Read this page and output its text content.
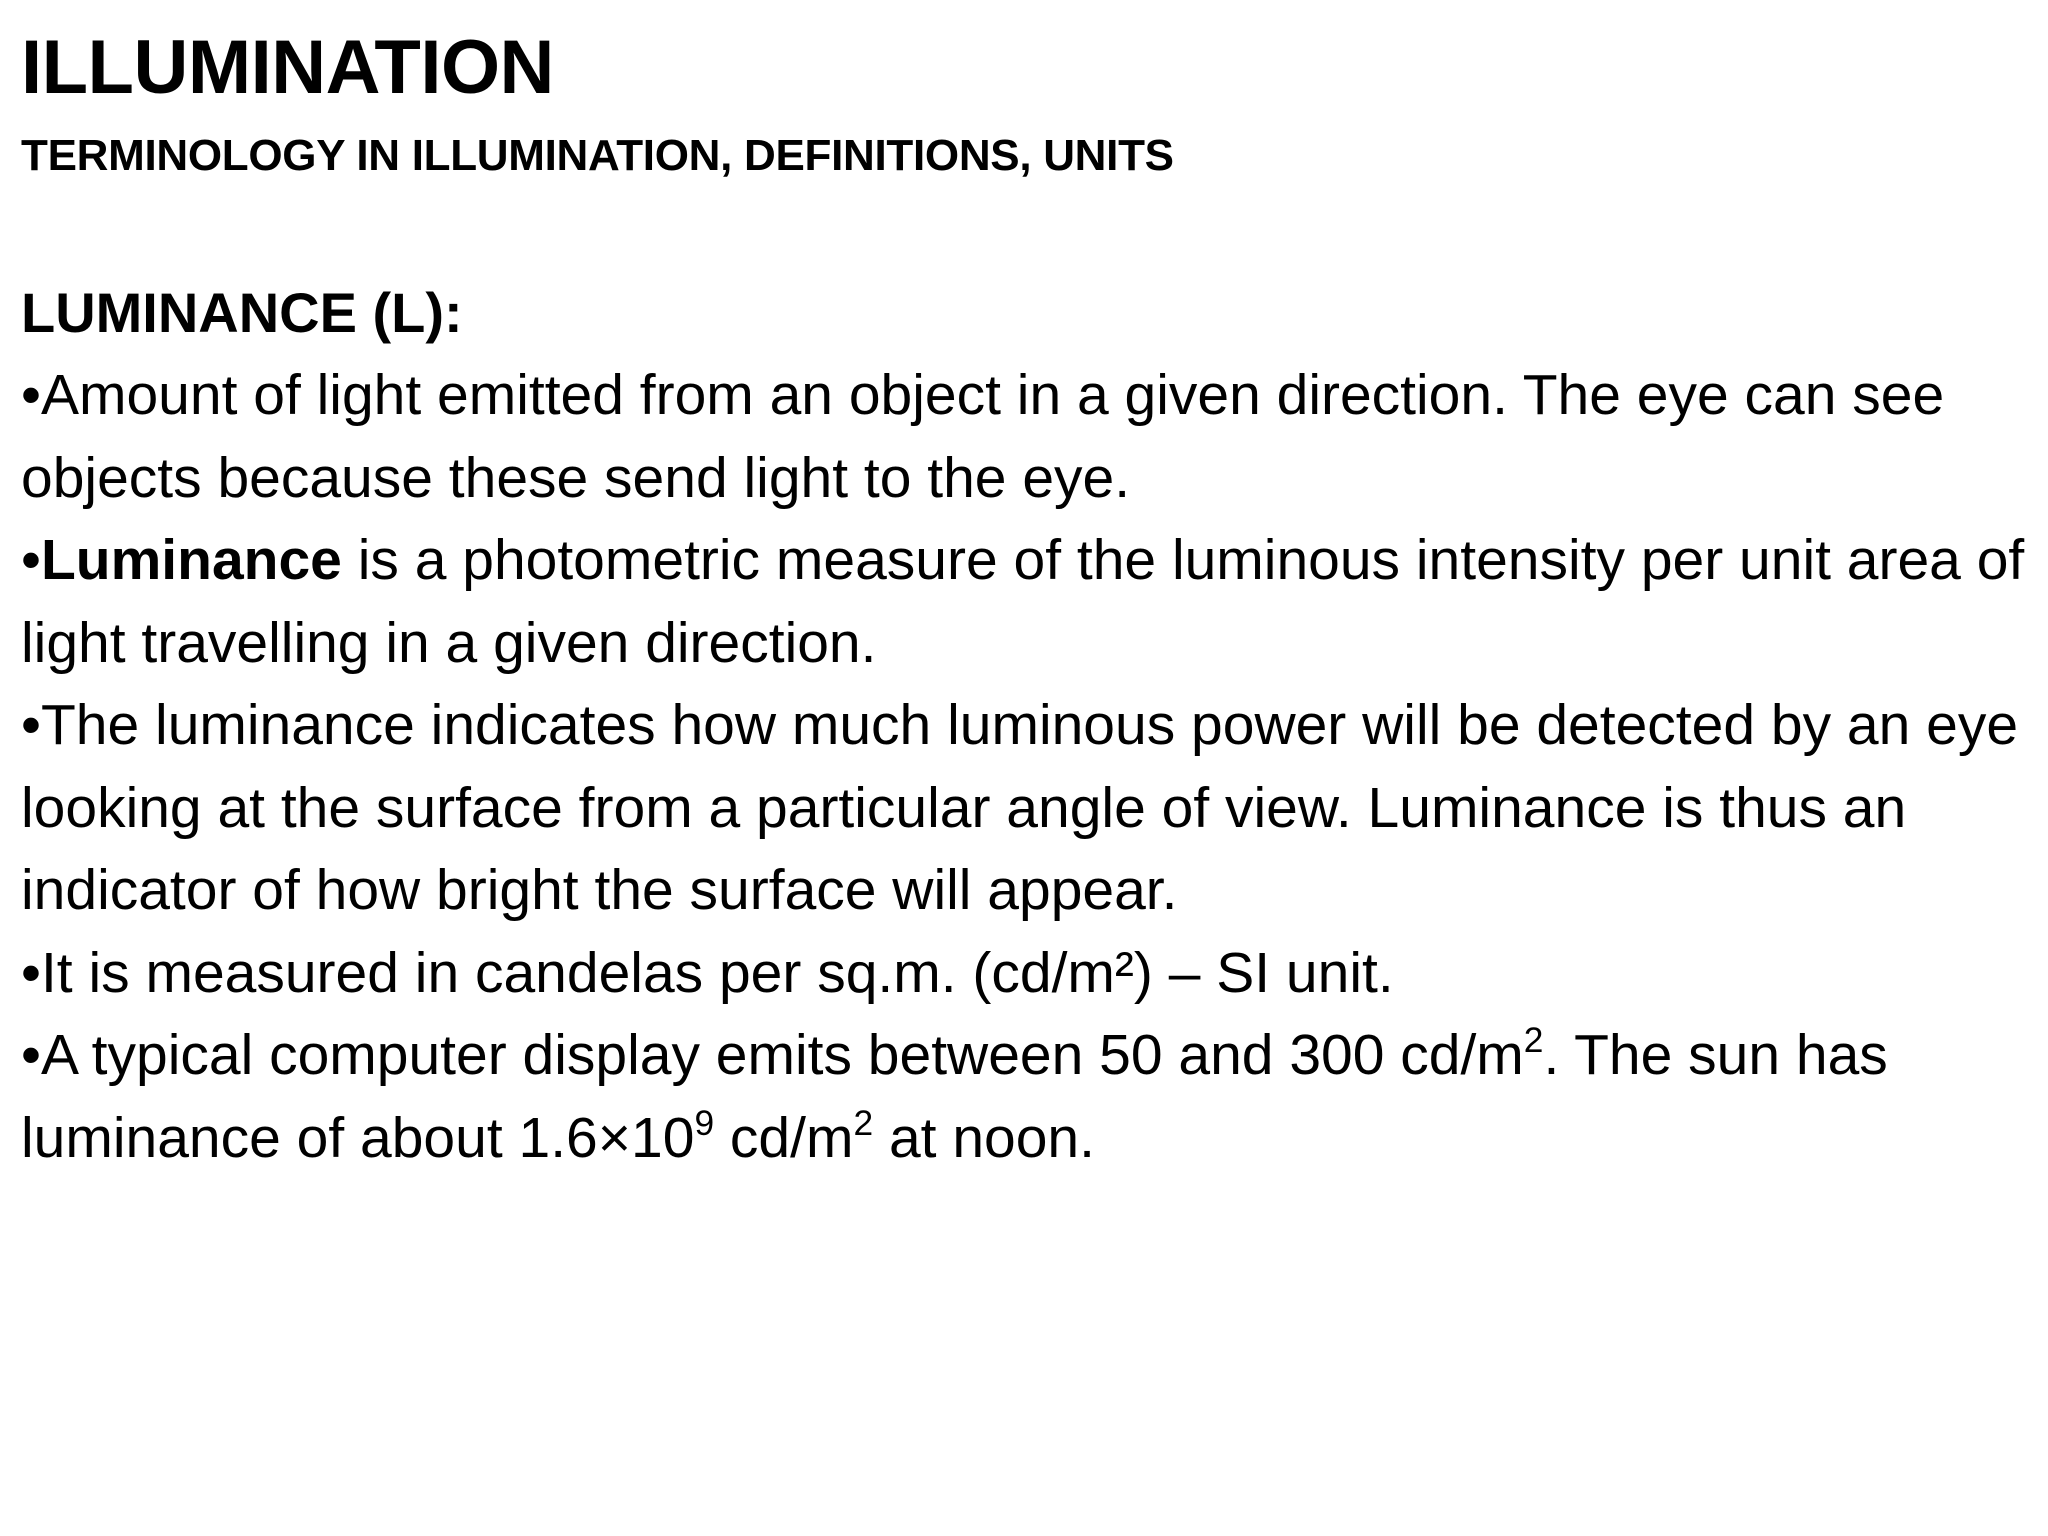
ILLUMINATION
TERMINOLOGY IN ILLUMINATION, DEFINITIONS, UNITS
LUMINANCE (L):
•Amount of light emitted from an object in a given direction. The eye can see objects because these send light to the eye.
•Luminance is a photometric measure of the luminous intensity per unit area of light travelling in a given direction.
•The luminance indicates how much luminous power will be detected by an eye looking at the surface from a particular angle of view. Luminance is thus an indicator of how bright the surface will appear.
•It is measured in candelas per sq.m. (cd/m²) – SI unit.
•A typical computer display emits between 50 and 300 $cd/m^2$. The sun has luminance of about $1.6\times 10^9$ $cd/m^2$ at noon.
